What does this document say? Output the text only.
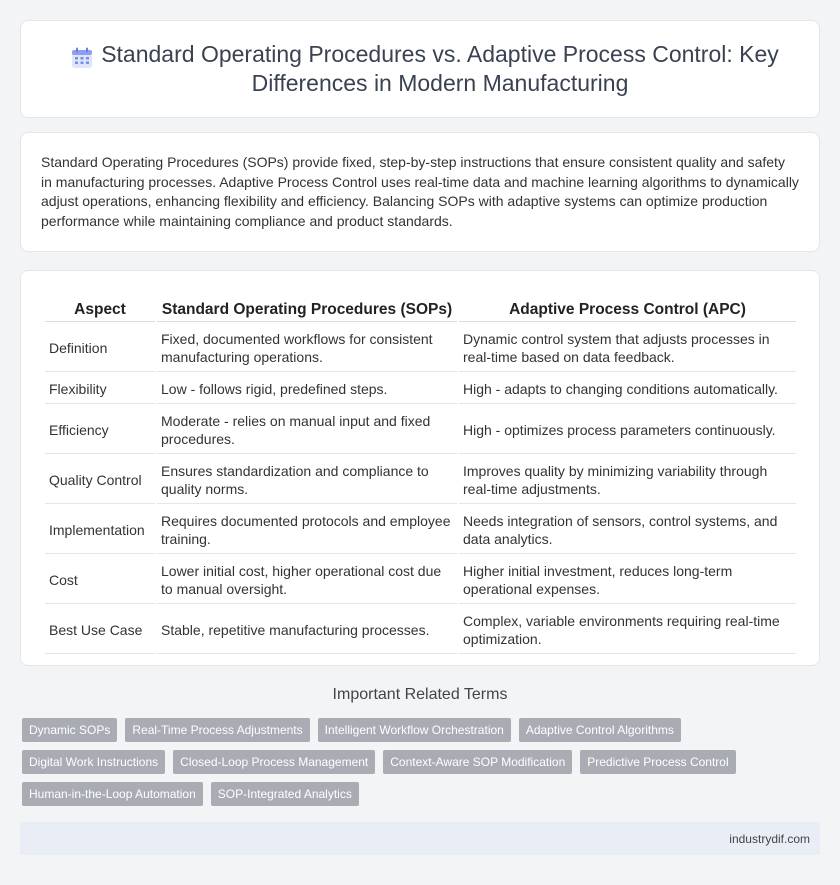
Standard Operating Procedures vs. Adaptive Process Control: Key Differences in Modern Manufacturing

Standard Operating Procedures (SOPs) provide fixed, step-by-step instructions that ensure consistent quality and safety in manufacturing processes. Adaptive Process Control uses real-time data and machine learning algorithms to dynamically adjust operations, enhancing flexibility and efficiency. Balancing SOPs with adaptive systems can optimize production performance while maintaining compliance and product standards.

Aspect	Standard Operating Procedures (SOPs)	Adaptive Process Control (APC)
Definition	Fixed, documented workflows for consistent manufacturing operations.	Dynamic control system that adjusts processes in real-time based on data feedback.
Flexibility	Low - follows rigid, predefined steps.	High - adapts to changing conditions automatically.
Efficiency	Moderate - relies on manual input and fixed procedures.	High - optimizes process parameters continuously.
Quality Control	Ensures standardization and compliance to quality norms.	Improves quality by minimizing variability through real-time adjustments.
Implementation	Requires documented protocols and employee training.	Needs integration of sensors, control systems, and data analytics.
Cost	Lower initial cost, higher operational cost due to manual oversight.	Higher initial investment, reduces long-term operational expenses.
Best Use Case	Stable, repetitive manufacturing processes.	Complex, variable environments requiring real-time optimization.
Important Related Terms
Dynamic SOPs	Real-Time Process Adjustments	Intelligent Workflow Orchestration	Adaptive Control Algorithms
Digital Work Instructions	Closed-Loop Process Management	Context-Aware SOP Modification	Predictive Process Control
Human-in-the-Loop Automation	SOP-Integrated Analytics
industrydif.com
